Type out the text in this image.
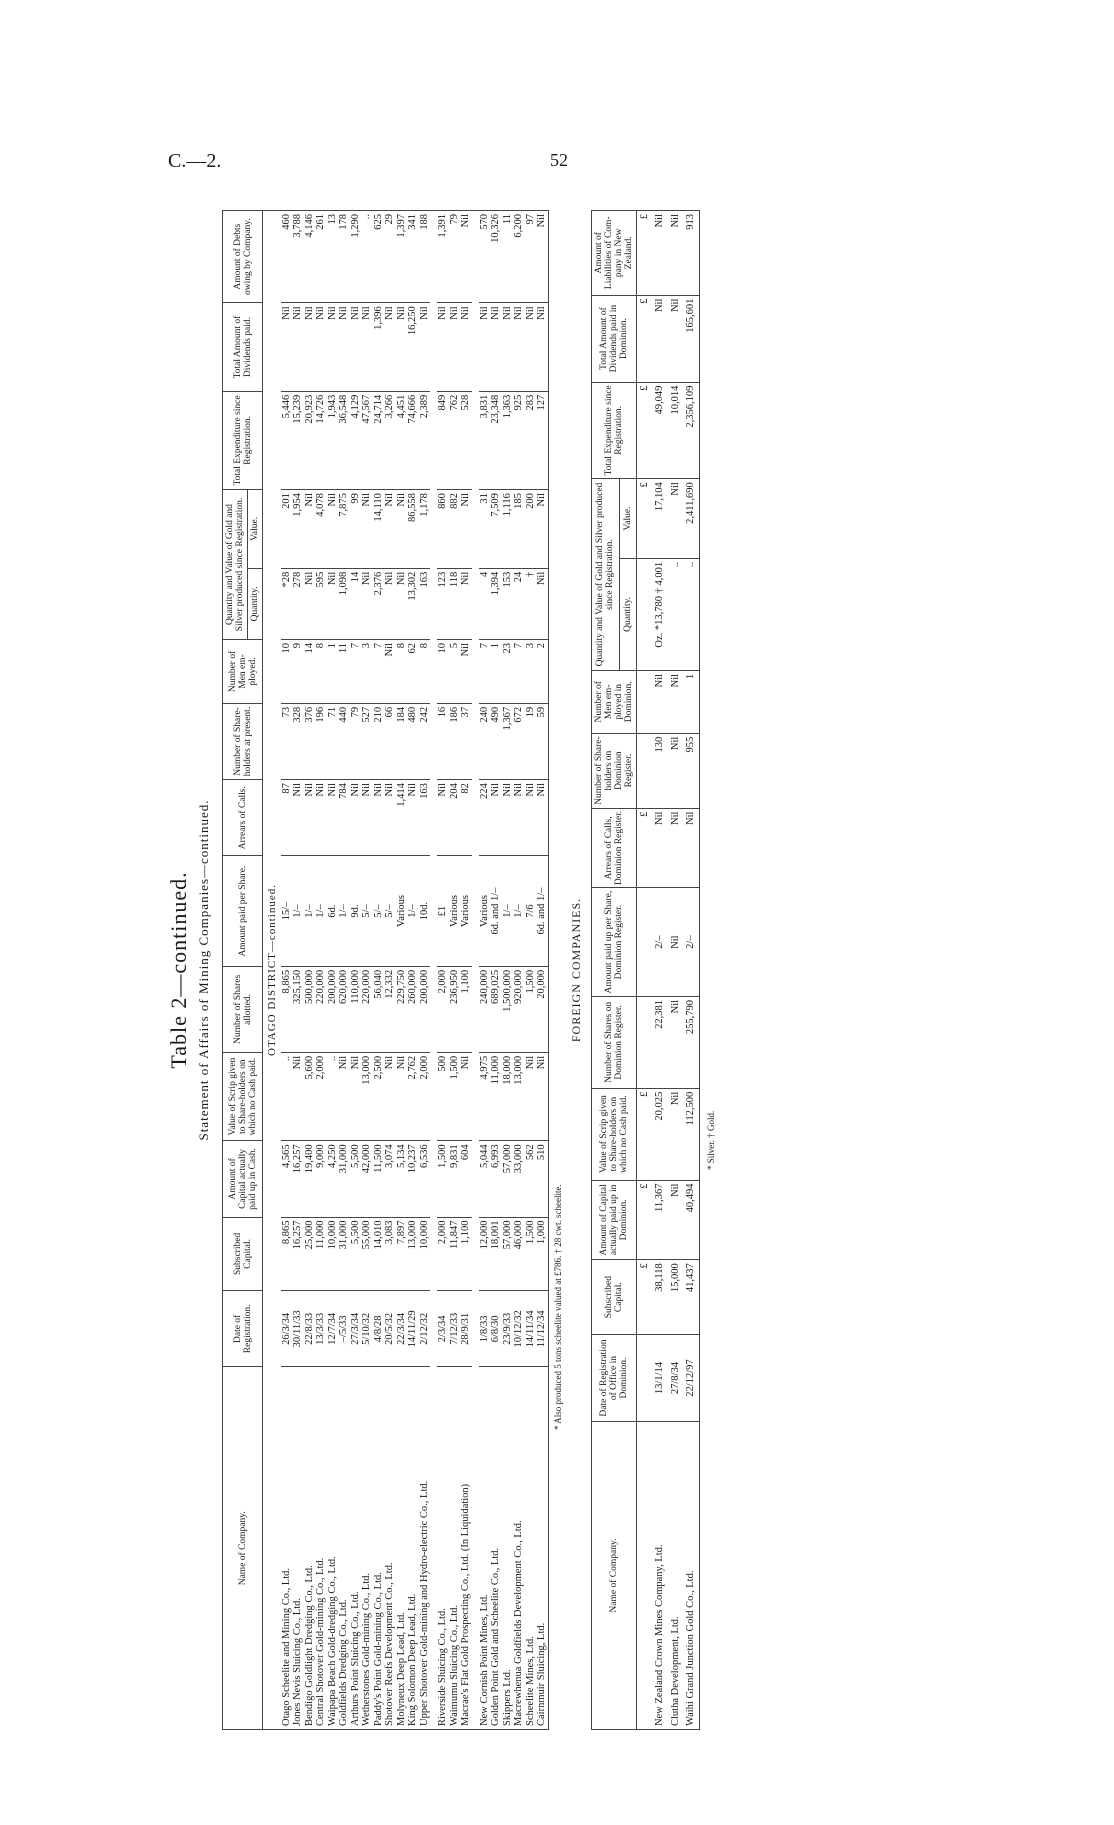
C.—2.	52
Table 2—continued. Statement of Affairs of Mining Companies—continued.
Name of Company.	Date of Registration.	Subscribed Capital.	Amount of Capital actually paid up in Cash.	Value of Scrip given to Share-holders on which no Cash paid.	Number of Shares allotted.	Amount paid per Share.	Arrears of Calls.	Number of Share-holders at present.	Number of Men em-ployed.	Quantity and Value of Gold and Silver produced since Registration.		Total Expenditure since Registration.	Total Amount of Dividends paid.	Amount of Debts owing by Company.
										Quantity.	Value.			
OTAGO DISTRICT—continued.														
Otago Scheelite and Mining Co., Ltd.	26/3/34	8,865	4,565	..	8,865	15/–	87	73	10	*28	201	5,446	Nil	460
Jones Nevis Sluicing Co., Ltd.	30/11/33	16,257	16,257	Nil	325,150	1/–	Nil	328	9	278	1,954	15,239	Nil	3,788
Bendigo Goldlight Dredging Co., Ltd.	22/8/33	25,000	19,400	5,600	500,000	1/–	Nil	376	14	Nil	Nil	20,923	Nil	4,146
Central Shotover Gold-mining Co., Ltd.	13/3/33	11,000	9,000	2,000	220,000	1/–	Nil	196	8	595	4,078	14,726	Nil	261
Waipapa Beach Gold-dredging Co., Ltd.	12/7/34	10,000	4,250	..	200,000	6d.	Nil	71	1	Nil	Nil	1,943	Nil	13
Goldfields Dredging Co., Ltd.	–/5/33	31,000	31,000	Nil	620,000	1/–	784	440	11	1,098	7,875	36,548	Nil	178
Arthurs Point Sluicing Co., Ltd.	27/3/34	5,500	5,500	Nil	110,000	9d.	Nil	79	7	14	99	4,129	Nil	1,290
Wetherstones Gold-mining Co., Ltd.	5/10/32	55,000	42,000	13,000	220,000	5/–	Nil	527	3	Nil	Nil	47,567	Nil	..
Paddy's Point Gold-mining Co., Ltd.	4/8/28	14,010	11,500	2,500	56,040	5/–	Nil	210	7	2,376	14,110	24,714	1,396	625
Shotover Reefs Development Co., Ltd.	20/5/32	3,083	3,074	Nil	12,332	5/–	Nil	66	Nil	Nil	Nil	3,266	Nil	29
Molyneux Deep Lead, Ltd.	22/3/34	7,897	5,134	Nil	229,750	Various	1,414	184	8	Nil	Nil	4,451	Nil	1,397
King Solomon Deep Lead, Ltd.	14/11/29	13,000	10,237	2,762	260,000	1/–	Nil	480	62	13,302	86,558	74,666	16,250	341
Upper Shotover Gold-mining and Hydro-electric Co., Ltd.	2/12/32	10,000	6,536	2,000	200,000	10d.	163	242	8	163	1,178	2,389	Nil	188

Riverside Sluicing Co., Ltd.	2/3/34	2,000	1,500	500	2,000	£1	Nil	16	10	123	860	849	Nil	1,391
Waimumu Sluicing Co., Ltd.	7/12/33	11,847	9,831	1,500	236,950	Various	204	186	5	118	882	762	Nil	79
Macrae's Flat Gold Prospecting Co., Ltd. (In Liquidation)	28/9/31	1,100	604	Nil	1,100	Various	82	37	Nil	Nil	Nil	528	Nil	Nil

New Cornish Point Mines, Ltd.	1/8/33	12,000	5,044	4,975	240,000	Various	224	240	7	4	31	3,831	Nil	570
Golden Point Gold and Scheelite Co., Ltd.	6/8/30	18,001	6,993	11,000	689,025	6d. and 1/–	Nil	490	1	1,394	7,509	23,348	Nil	10,326
Skippers Ltd.	23/9/33	57,000	57,000	18,000	1,500,000	1/–	Nil	1,367	23	153	1,116	1,363	Nil	11
Macrewhenua Goldfields Development Co., Ltd.	10/12/32	46,000	33,000	13,000	920,000	1/–	Nil	672	7	24	185	925	Nil	6,200
Scheelite Mines, Ltd.	14/11/34	1,500	562	Nil	1,500	7/6	Nil	19	3	†	200	283	Nil	97
Cairnmuir Sluicing, Ltd.	11/12/34	1,000	510	Nil	20,000	6d. and 1/–	Nil	59	2	Nil	Nil	127	Nil	Nil
* Also produced 5 tons scheelite valued at £786. † 28 cwt. scheelite.
FOREIGN COMPANIES.
Name of Company.	Date of Registration of Office in Dominion.	Subscribed Capital.	Amount of Capital actually paid up in Dominion.	Value of Scrip given to Share-holders on which no Cash paid.	Number of Shares on Dominion Register.	Amount paid up per Share, Dominion Register.	Arrears of Calls, Dominion Register.	Number of Share-holders on Dominion Register.	Number of Men em-ployed in Dominion.	Quantity and Value of Gold and Silver produced since Registration.		Total Expenditure since Registration.	Total Amount of Dividends paid in Dominion.	Amount of Liabilities of Com-pany in New Zealand.
										Quantity.	Value.			
		£	£	£			£				£	£	£	£
New Zealand Crown Mines Company, Ltd.	13/1/14	38,118	11,367	20,025	22,381	2/–	Nil	130	Nil	Oz. *13,780 † 4,001	17,104	49,049	Nil	Nil
Clutha Development, Ltd.	27/8/34	15,000	Nil	Nil	Nil	Nil	Nil	Nil	Nil	..	Nil	10,014	Nil	Nil
Waihi Grand Junction Gold Co., Ltd.	22/12/97	41,437	40,494	112,500	255,790	2/–	Nil	955	1	..	2,411,690	2,356,109	165,601	913
* Silver. † Gold.
